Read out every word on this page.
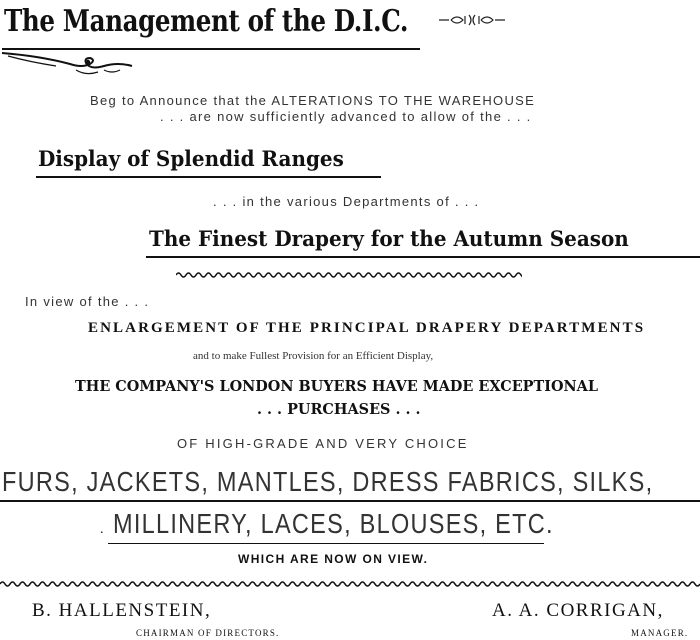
The Management of the D.I.C.
Beg to Announce that the ALTERATIONS TO THE WAREHOUSE
. . . are now sufficiently advanced to allow of the . . .
Display of Splendid Ranges
. . . in the various Departments of . . .
The Finest Drapery for the Autumn Season
In view of the . . .
ENLARGEMENT OF THE PRINCIPAL DRAPERY DEPARTMENTS
and to make Fullest Provision for an Efficient Display,
THE COMPANY'S LONDON BUYERS HAVE MADE EXCEPTIONAL
. . . PURCHASES . . .
OF HIGH-GRADE AND VERY CHOICE
FURS, JACKETS, MANTLES, DRESS FABRICS, SILKS,
. MILLINERY, LACES, BLOUSES, ETC.
WHICH ARE NOW ON VIEW.
B. HALLENSTEIN,
CHAIRMAN OF DIRECTORS.
A. A. CORRIGAN,
MANAGER.
